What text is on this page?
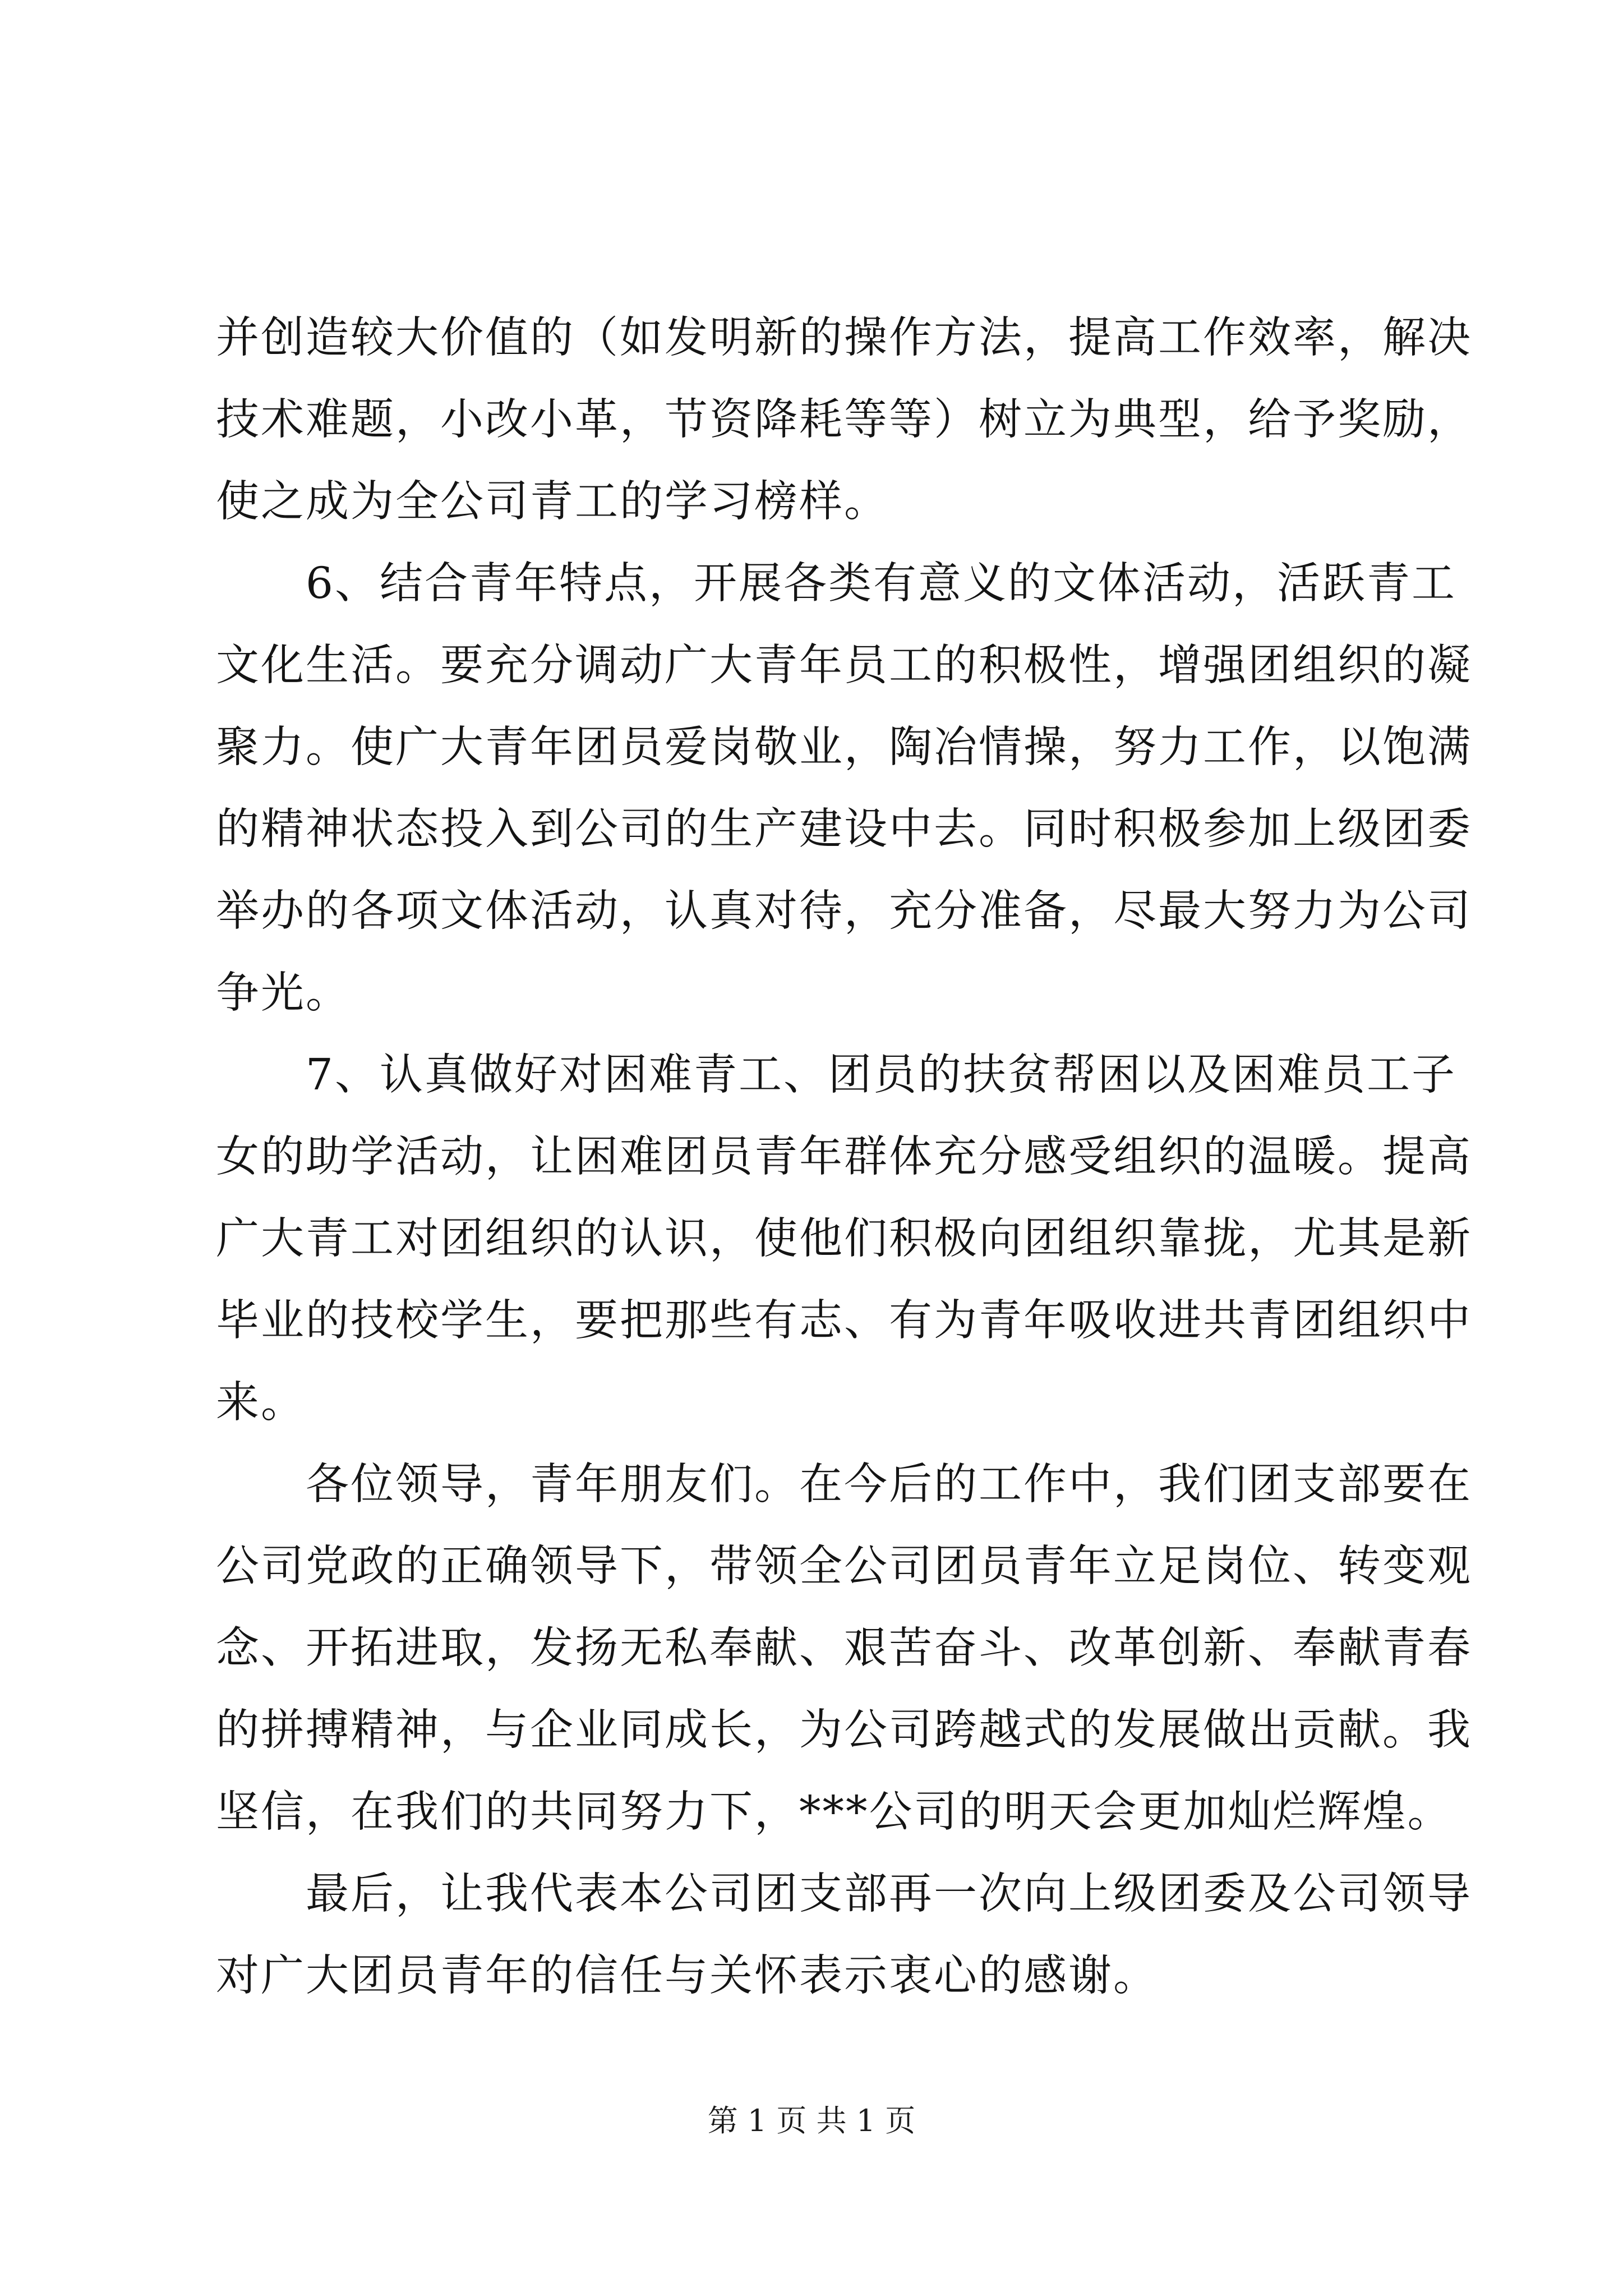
并创造较大价值的（如发明新的操作方法，提高工作效率，解决
技术难题，小改小革，节资降耗等等）树立为典型，给予奖励，
使之成为全公司青工的学习榜样。
6、结合青年特点，开展各类有意义的文体活动，活跃青工
文化生活。要充分调动广大青年员工的积极性，增强团组织的凝
聚力。使广大青年团员爱岗敬业，陶冶情操，努力工作，以饱满
的精神状态投入到公司的生产建设中去。同时积极参加上级团委
举办的各项文体活动，认真对待，充分准备，尽最大努力为公司
争光。
7、认真做好对困难青工、团员的扶贫帮困以及困难员工子
女的助学活动，让困难团员青年群体充分感受组织的温暖。提高
广大青工对团组织的认识，使他们积极向团组织靠拢，尤其是新
毕业的技校学生，要把那些有志、有为青年吸收进共青团组织中
来。
各位领导，青年朋友们。在今后的工作中，我们团支部要在
公司党政的正确领导下，带领全公司团员青年立足岗位、转变观
念、开拓进取，发扬无私奉献、艰苦奋斗、改革创新、奉献青春
的拼搏精神，与企业同成长，为公司跨越式的发展做出贡献。我
坚信，在我们的共同努力下，***公司的明天会更加灿烂辉煌。
最后，让我代表本公司团支部再一次向上级团委及公司领导
对广大团员青年的信任与关怀表示衷心的感谢。
第 1 页 共 1 页
